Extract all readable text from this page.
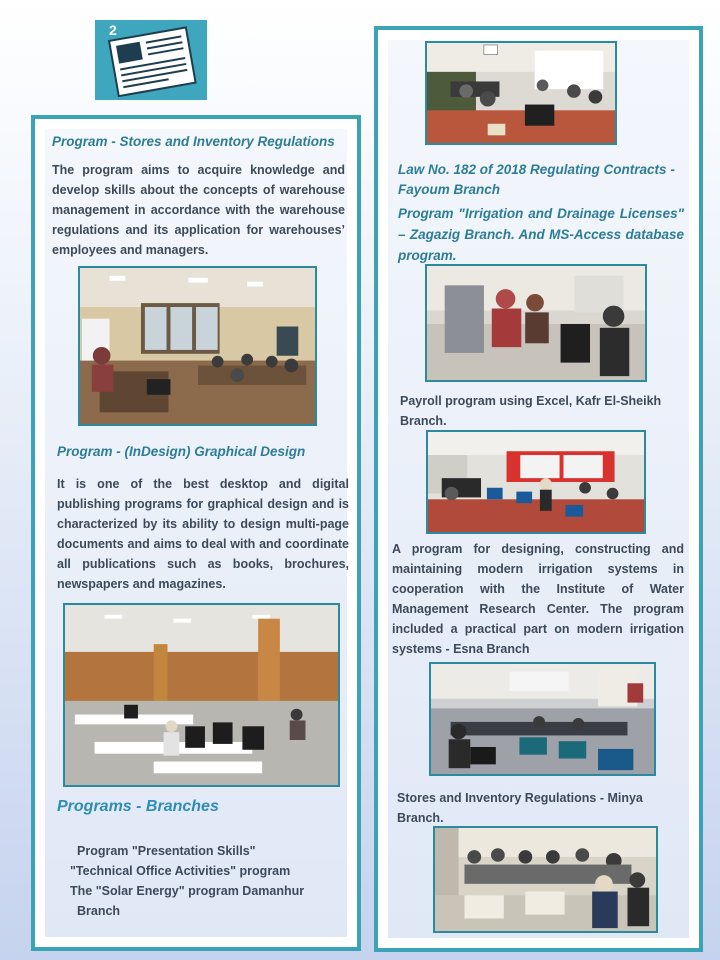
2
Program - Stores and Inventory Regulations
The program aims to acquire knowledge and develop skills about the concepts of warehouse management in accordance with the warehouse regulations and its application for warehouses’ employees and managers.
Program - (InDesign) Graphical Design
It is one of the best desktop and digital publishing programs for graphical design and is characterized by its ability to design multi-page documents and aims to deal with and coordinate all publications such as books, brochures, newspapers and magazines.
Programs - Branches
Program "Presentation Skills"
"Technical Office Activities" program
The "Solar Energy" program Damanhur
Branch
Law No. 182 of 2018 Regulating Contracts -
Fayoum Branch
Program "Irrigation and Drainage Licenses" – Zagazig Branch. And MS-Access database program.
Payroll program using Excel, Kafr El-Sheikh Branch.
A program for designing, constructing and maintaining modern irrigation systems in cooperation with the Institute of Water Management Research Center. The program included a practical part on modern irrigation systems - Esna Branch
Stores and Inventory Regulations - Minya Branch.
